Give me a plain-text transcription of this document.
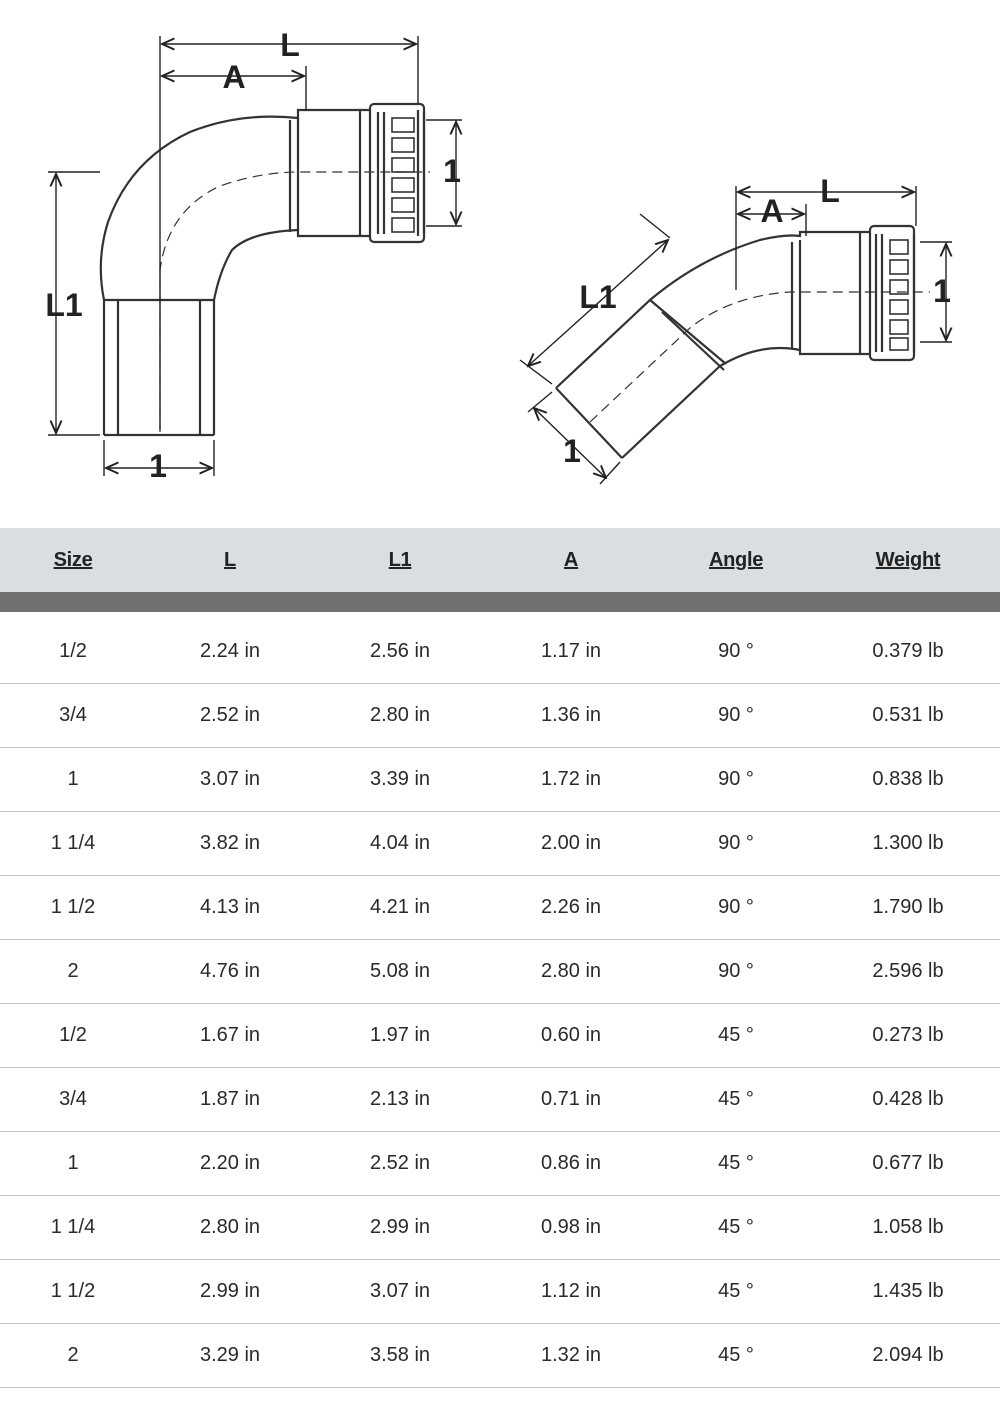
L
A
L1
1
1
L
A
L1	1
1
Size	L	L1	A	Angle	Weight
1/2	2.24 in	2.56 in	1.17 in	90 °	0.379 lb
3/4	2.52 in	2.80 in	1.36 in	90 °	0.531 lb
1	3.07 in	3.39 in	1.72 in	90 °	0.838 lb
1 1/4	3.82 in	4.04 in	2.00 in	90 °	1.300 lb
1 1/2	4.13 in	4.21 in	2.26 in	90 °	1.790 lb
2	4.76 in	5.08 in	2.80 in	90 °	2.596 lb
1/2	1.67 in	1.97 in	0.60 in	45 °	0.273 lb
3/4	1.87 in	2.13 in	0.71 in	45 °	0.428 lb
1	2.20 in	2.52 in	0.86 in	45 °	0.677 lb
1 1/4	2.80 in	2.99 in	0.98 in	45 °	1.058 lb
1 1/2	2.99 in	3.07 in	1.12 in	45 °	1.435 lb
2	3.29 in	3.58 in	1.32 in	45 °	2.094 lb
